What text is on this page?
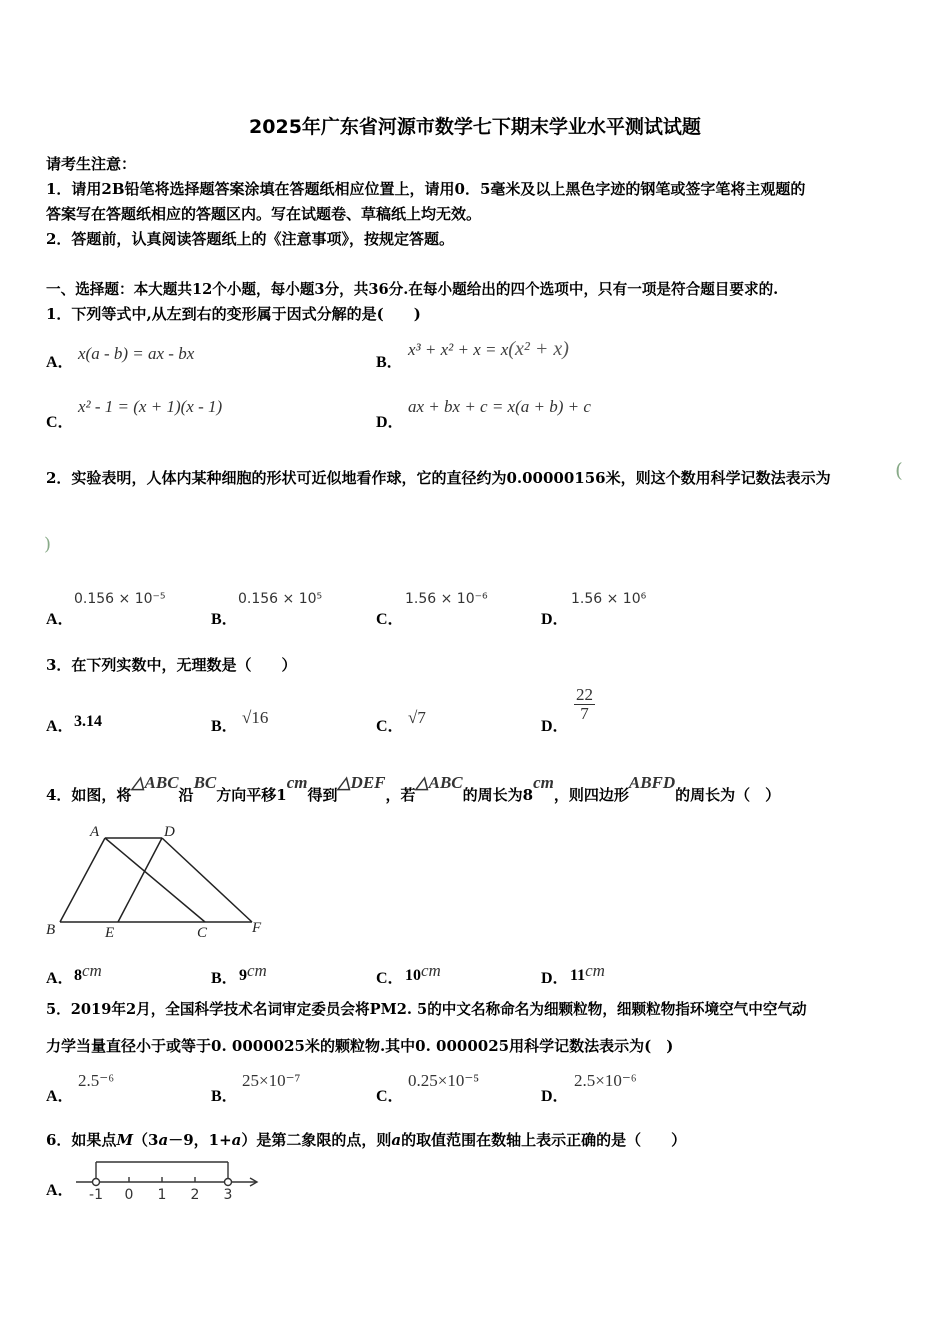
2025年广东省河源市数学七下期末学业水平测试试题
请考生注意：
1．请用2B铅笔将选择题答案涂填在答题纸相应位置上，请用0．5毫米及以上黑色字迹的钢笔或签字笔将主观题的
答案写在答题纸相应的答题区内。写在试题卷、草稿纸上均无效。
2．答题前，认真阅读答题纸上的《注意事项》，按规定答题。
一、选择题：本大题共12个小题，每小题3分，共36分.在每小题给出的四个选项中，只有一项是符合题目要求的.
1．下列等式中,从左到右的变形属于因式分解的是(　　)
A． x(a - b) = ax - bx	B．
x³ + x² + x = x(x² + x)
C．
x² - 1 = (x + 1)(x - 1)
D．
ax + bx + c = x(a + b) + c
2．实验表明，人体内某种细胞的形状可近似地看作球，它的直径约为0.00000156米，则这个数用科学记数法表示为	(
)
A．
0.156 × 10⁻⁵
B．
0.156 × 10⁵
C．
1.56 × 10⁻⁶
D．
1.56 × 10⁶
3．在下列实数中，无理数是（　　）
A． 3.14	B． √16	C． √7	D．
$\frac{22}{7}$
4．如图，将△ABC沿BC方向平移1cm得到△DEF，若△ABC的周长为8cm，则四边形ABFD的周长为（　）
A	D
B	E	C	F
A． 8cm	B． 9cm	C． 10cm	D． 11cm
5．2019年2月，全国科学技术名词审定委员会将PM2. 5的中文名称命名为细颗粒物，细颗粒物指环境空气中空气动
力学当量直径小于或等于0. 0000025米的颗粒物.其中0. 0000025用科学记数法表示为(　)
A．
2.5⁻⁶
B．
25×10⁻⁷
C．
0.25×10⁻⁵
D．
2.5×10⁻⁶
6．如果点M（3a－9，1+a）是第二象限的点，则a的取值范围在数轴上表示正确的是（　　）
A． -1 0 1 2 3
